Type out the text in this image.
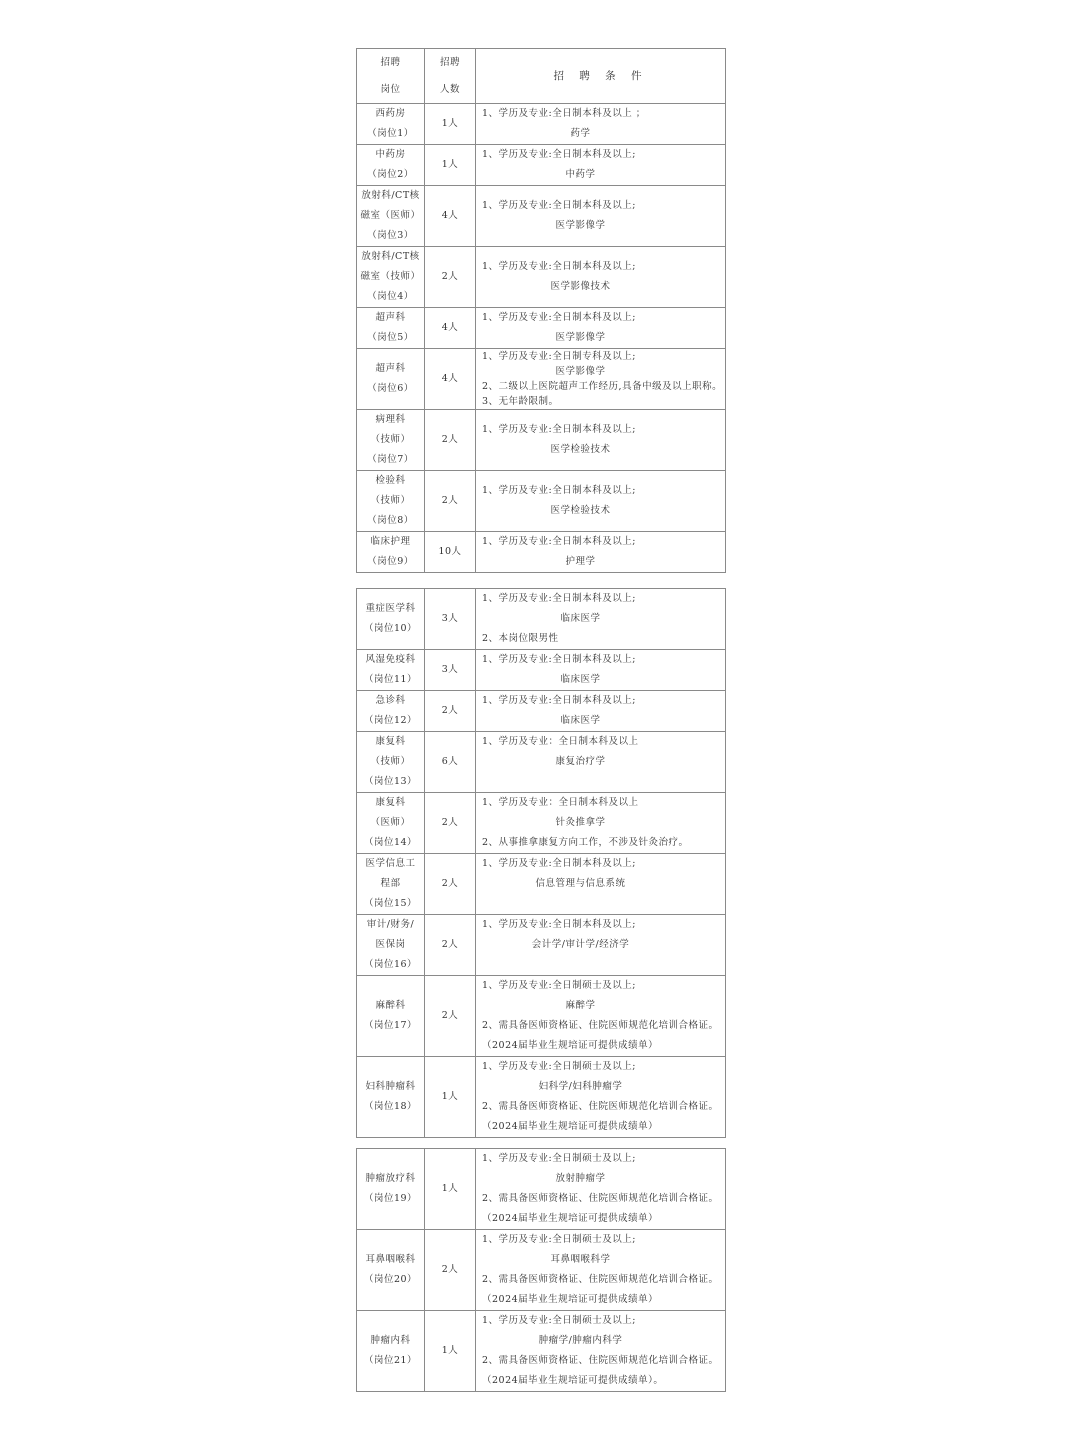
招聘
岗位	招聘
人数	招 聘 条 件

西药房
（岗位1）	1人	1、学历及专业:全日制本科及以上 ；
药学

中药房
（岗位2）	1人	1、学历及专业:全日制本科及以上;
中药学

放射科/CT核
磁室（医师）
（岗位3）	4人	1、学历及专业:全日制本科及以上;
医学影像学

放射科/CT核
磁室（技师）
（岗位4）	2人	1、学历及专业:全日制本科及以上;
医学影像技术

超声科
（岗位5）	4人	1、学历及专业:全日制本科及以上;
医学影像学

超声科
（岗位6）	4人	1、学历及专业:全日制专科及以上;
医学影像学
2、二级以上医院超声工作经历,具备中级及以上职称。
3、无年龄限制。

病理科
（技师）
（岗位7）	2人	1、学历及专业:全日制本科及以上;
医学检验技术

检验科
（技师）
（岗位8）	2人	1、学历及专业:全日制本科及以上;
医学检验技术

临床护理
（岗位9）	10人	1、学历及专业:全日制本科及以上;
护理学
重症医学科
（岗位10）	3人	1、学历及专业:全日制本科及以上;
临床医学
2、本岗位限男性

风湿免疫科
（岗位11）	3人	1、学历及专业:全日制本科及以上;
临床医学

急诊科
（岗位12）	2人	1、学历及专业:全日制本科及以上;
临床医学

康复科
（技师）
（岗位13）	6人	1、学历及专业：全日制本科及以上
康复治疗学

康复科
（医师）
（岗位14）	2人	1、学历及专业：全日制本科及以上
针灸推拿学
2、从事推拿康复方向工作，不涉及针灸治疗。

医学信息工
程部
（岗位15）	2人	1、学历及专业:全日制本科及以上;
信息管理与信息系统

审计/财务/
医保岗
（岗位16）	2人	1、学历及专业:全日制本科及以上;
会计学/审计学/经济学

麻醉科
（岗位17）	2人	1、学历及专业:全日制硕士及以上;
麻醉学
2、需具备医师资格证、住院医师规范化培训合格证。
（2024届毕业生规培证可提供成绩单）

妇科肿瘤科
（岗位18）	1人	1、学历及专业:全日制硕士及以上;
妇科学/妇科肿瘤学
2、需具备医师资格证、住院医师规范化培训合格证。
（2024届毕业生规培证可提供成绩单）
肿瘤放疗科
（岗位19）	1人	1、学历及专业:全日制硕士及以上;
放射肿瘤学
2、需具备医师资格证、住院医师规范化培训合格证。
（2024届毕业生规培证可提供成绩单）

耳鼻咽喉科
（岗位20）	2人	1、学历及专业:全日制硕士及以上;
耳鼻咽喉科学
2、需具备医师资格证、住院医师规范化培训合格证。
（2024届毕业生规培证可提供成绩单）

肿瘤内科
（岗位21）	1人	1、学历及专业:全日制硕士及以上;
肿瘤学/肿瘤内科学
2、需具备医师资格证、住院医师规范化培训合格证。
（2024届毕业生规培证可提供成绩单）。
